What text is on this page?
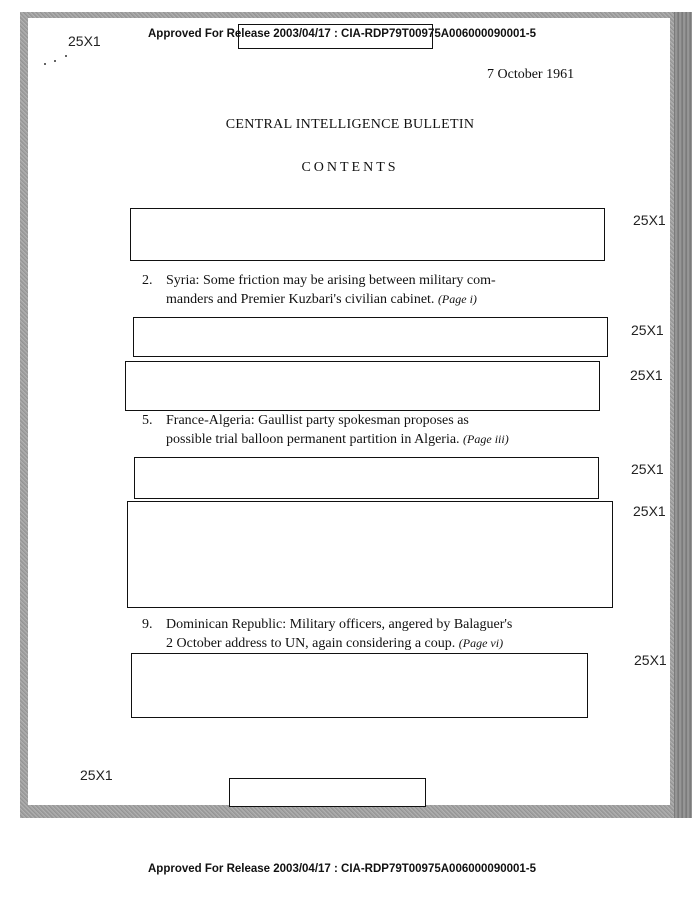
Approved For Release 2003/04/17 : CIA-RDP79T00975A006000090001-5
25X1
7 October 1961
CENTRAL INTELLIGENCE BULLETIN
CONTENTS
25X1
2. Syria: Some friction may be arising between military com-
manders and Premier Kuzbari's civilian cabinet. (Page i)
25X1
25X1
5. France-Algeria: Gaullist party spokesman proposes as
possible trial balloon permanent partition in Algeria. (Page iii)
25X1
25X1
9. Dominican Republic: Military officers, angered by Balaguer's
2 October address to UN, again considering a coup. (Page vi)
25X1
25X1
Approved For Release 2003/04/17 : CIA-RDP79T00975A006000090001-5
